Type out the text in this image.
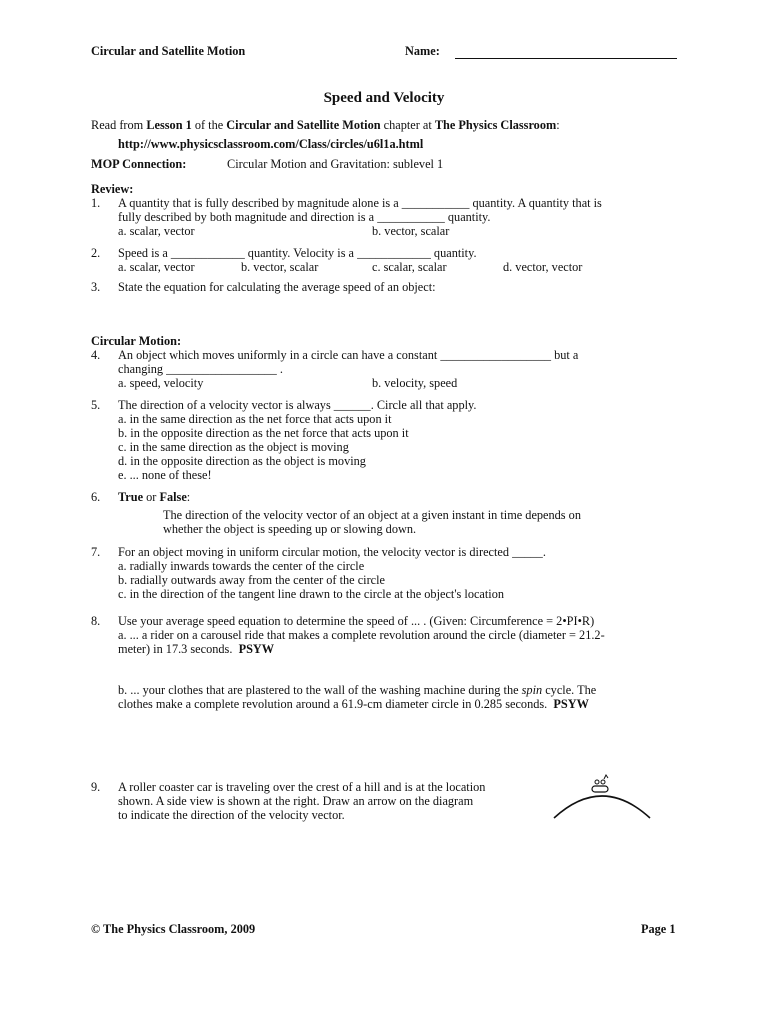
Circular and Satellite Motion	Name:
Speed and Velocity
Read from Lesson 1 of the Circular and Satellite Motion chapter at The Physics Classroom:
http://www.physicsclassroom.com/Class/circles/u6l1a.html
MOP Connection:	Circular Motion and Gravitation: sublevel 1
Review:
1. A quantity that is fully described by magnitude alone is a ___________ quantity. A quantity that is
fully described by both magnitude and direction is a ___________ quantity.
a. scalar, vector	b. vector, scalar
2. Speed is a ____________ quantity. Velocity is a ____________ quantity.
a. scalar, vector	b. vector, scalar	c. scalar, scalar	d. vector, vector
3. State the equation for calculating the average speed of an object:
Circular Motion:
4. An object which moves uniformly in a circle can have a constant __________________ but a
changing __________________ .
a. speed, velocity	b. velocity, speed
5. The direction of a velocity vector is always ______. Circle all that apply.
a. in the same direction as the net force that acts upon it
b. in the opposite direction as the net force that acts upon it
c. in the same direction as the object is moving
d. in the opposite direction as the object is moving
e. ... none of these!
6. True or False:
The direction of the velocity vector of an object at a given instant in time depends on
whether the object is speeding up or slowing down.
7. For an object moving in uniform circular motion, the velocity vector is directed _____.
a. radially inwards towards the center of the circle
b. radially outwards away from the center of the circle
c. in the direction of the tangent line drawn to the circle at the object's location
8. Use your average speed equation to determine the speed of ... . (Given: Circumference = 2•PI•R)
a. ... a rider on a carousel ride that makes a complete revolution around the circle (diameter = 21.2-
meter) in 17.3 seconds. PSYW
b. ... your clothes that are plastered to the wall of the washing machine during the spin cycle. The
clothes make a complete revolution around a 61.9-cm diameter circle in 0.285 seconds. PSYW
9. A roller coaster car is traveling over the crest of a hill and is at the location
shown. A side view is shown at the right. Draw an arrow on the diagram
to indicate the direction of the velocity vector.
© The Physics Classroom, 2009	Page 1
